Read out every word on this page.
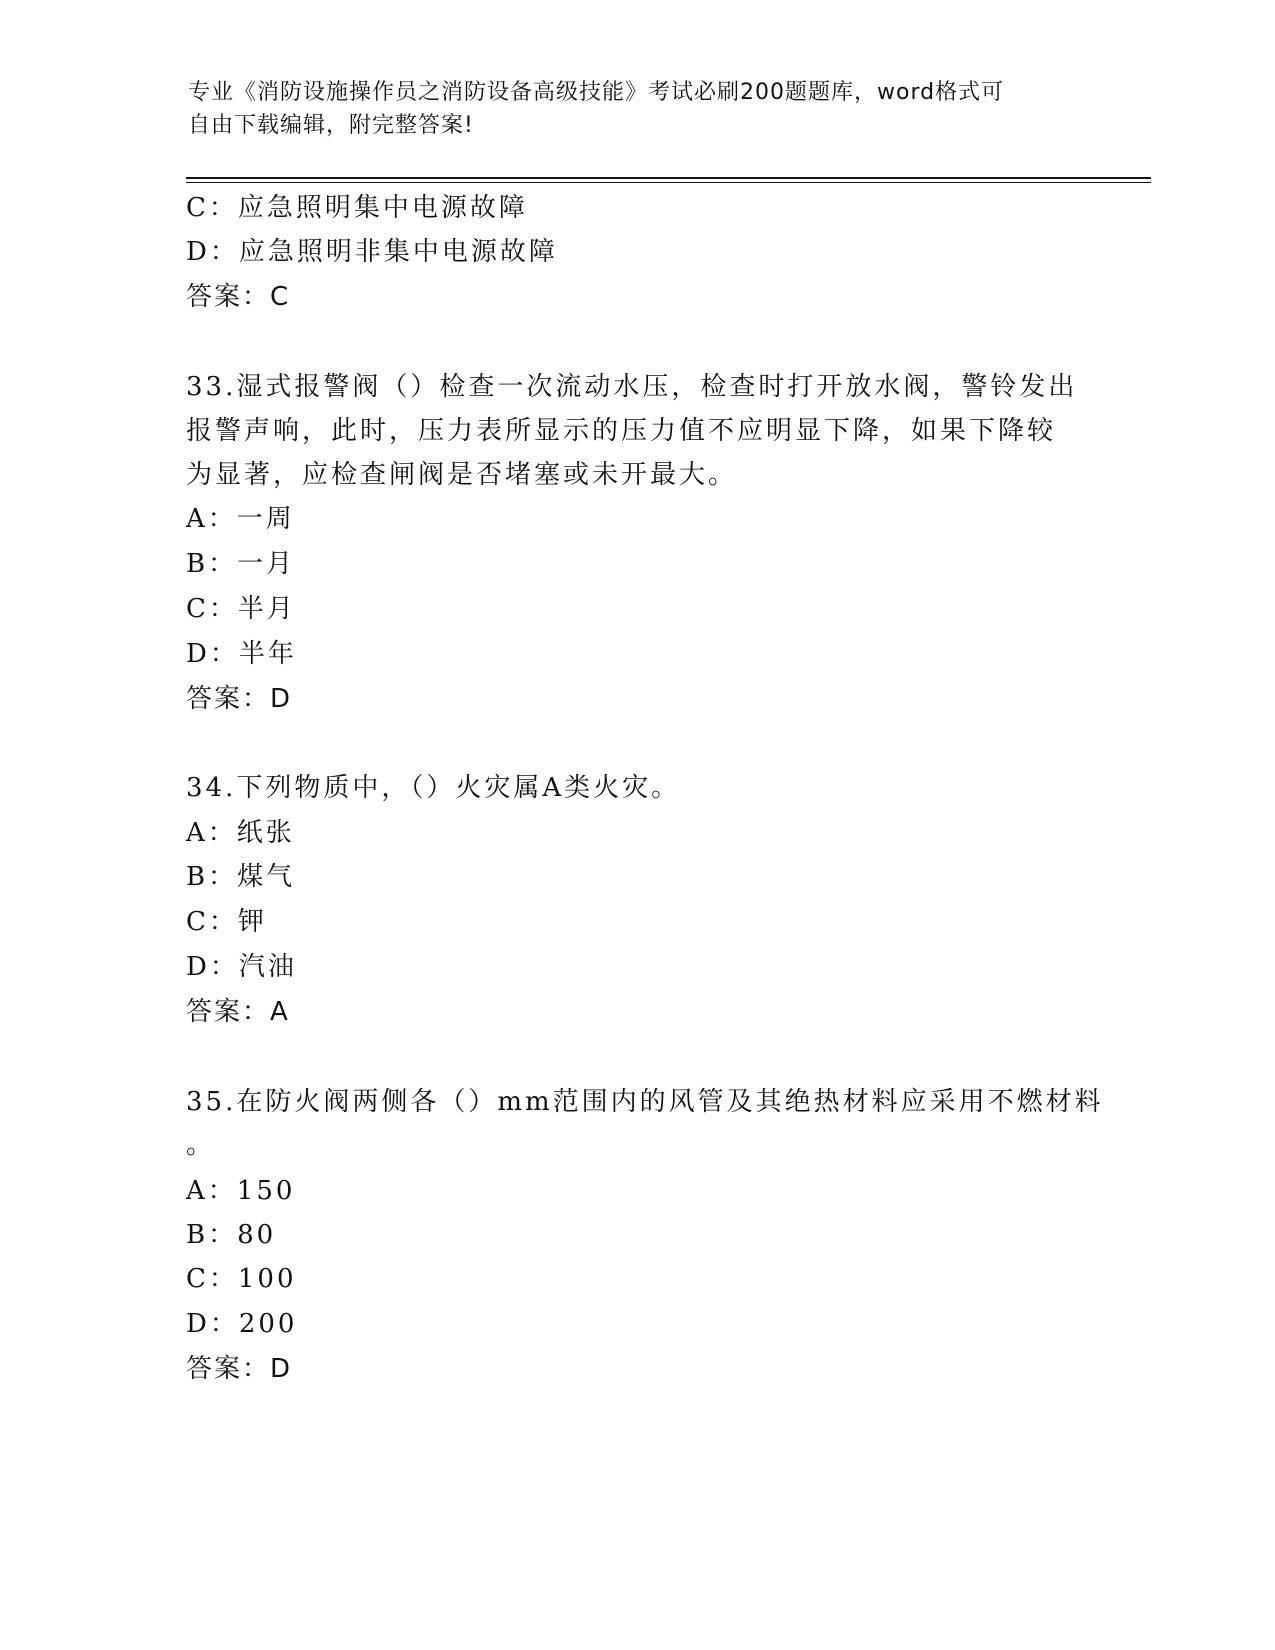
专业《消防设施操作员之消防设备高级技能》考试必刷200题题库，word格式可
自由下载编辑，附完整答案!
C：应急照明集中电源故障
D：应急照明非集中电源故障
答案：C
33.湿式报警阀（）检查一次流动水压，检查时打开放水阀，警铃发出
报警声响，此时，压力表所显示的压力值不应明显下降，如果下降较
为显著，应检查闸阀是否堵塞或未开最大。
A：一周
B：一月
C：半月
D：半年
答案：D
34.下列物质中，（）火灾属A类火灾。
A：纸张
B：煤气
C：钾
D：汽油
答案：A
35.在防火阀两侧各（）mm范围内的风管及其绝热材料应采用不燃材料
。
A：150
B：80
C：100
D：200
答案：D
